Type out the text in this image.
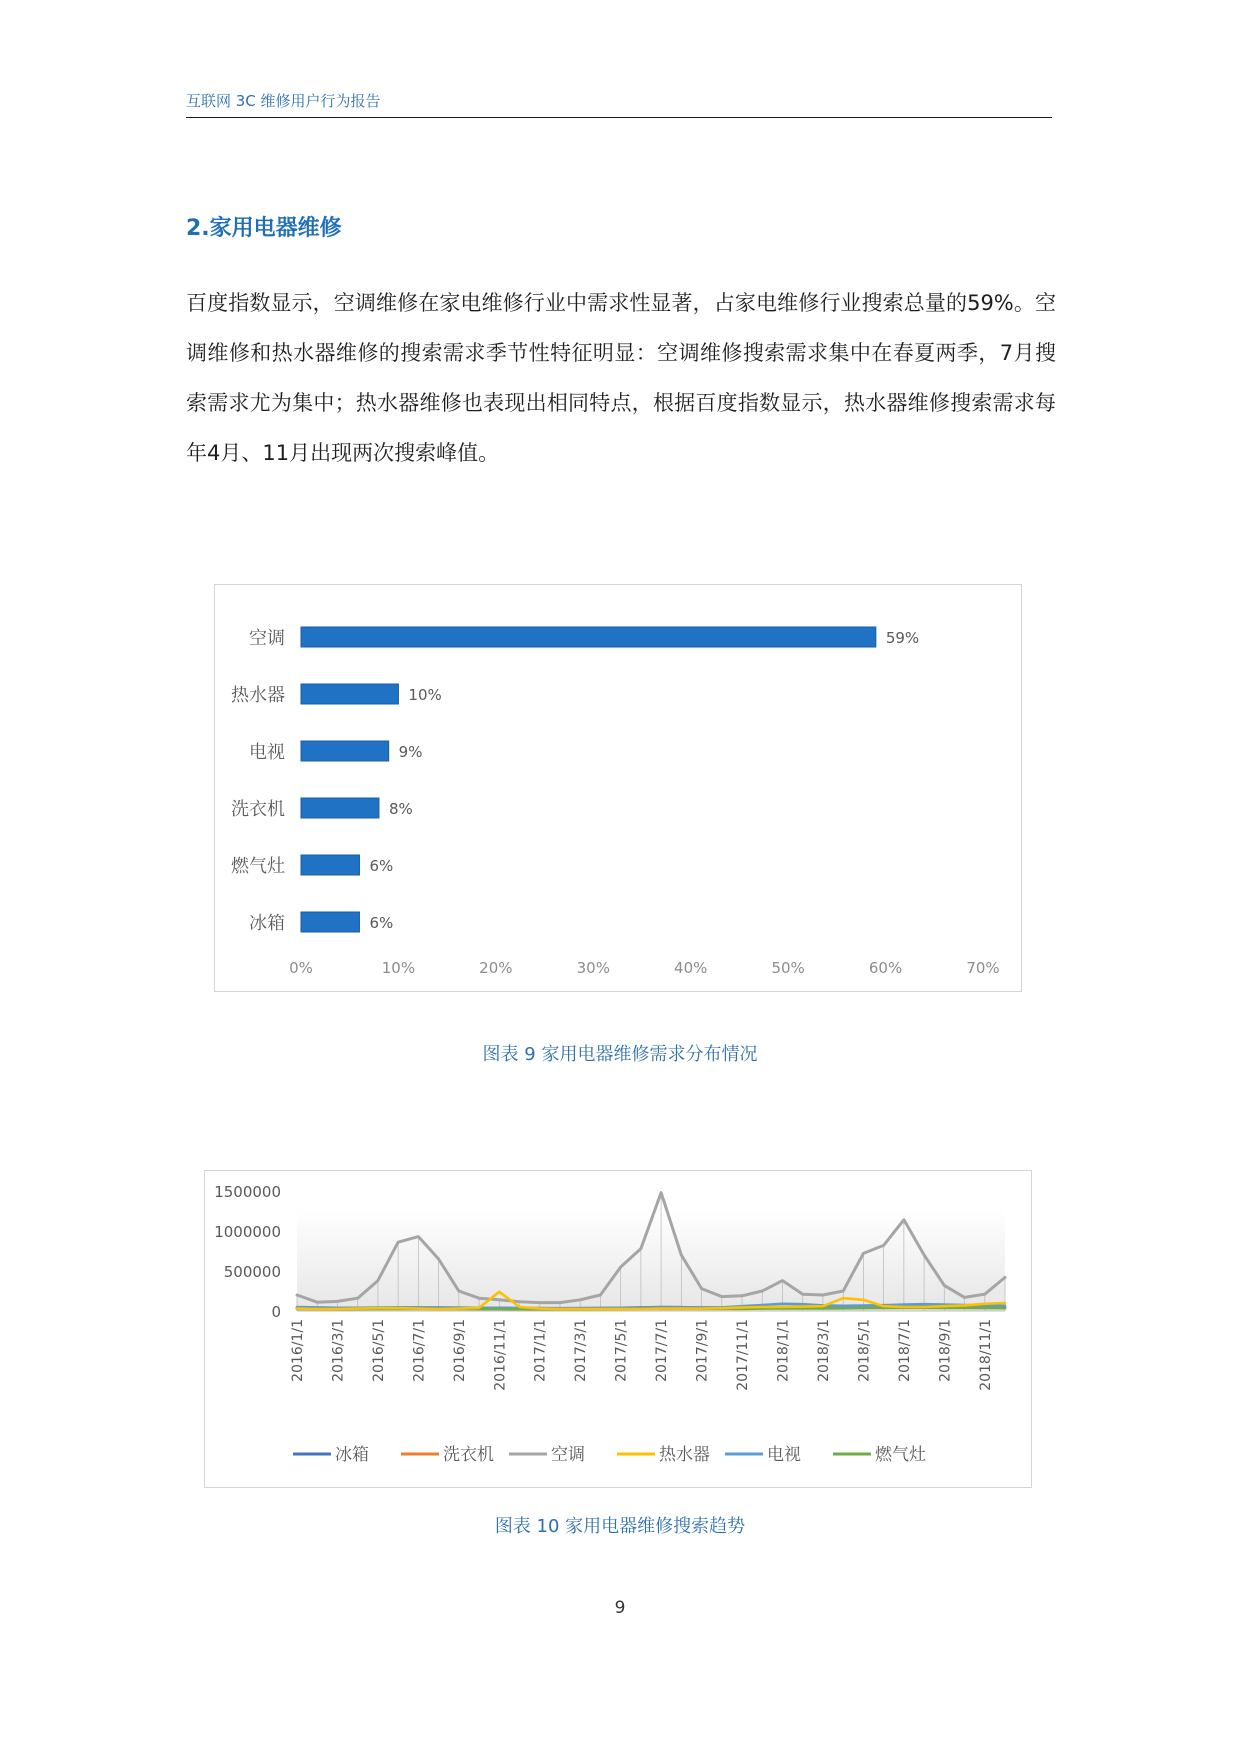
互联网 3C 维修用户行为报告
2.家用电器维修
百度指数显示，空调维修在家电维修行业中需求性显著，占家电维修行业搜索总量的59%。空调维修和热水器维修的搜索需求季节性特征明显：空调维修搜索需求集中在春夏两季，7月搜索需求尤为集中；热水器维修也表现出相同特点，根据百度指数显示，热水器维修搜索需求每年4月、11月出现两次搜索峰值。
空调	59%
热水器	10%
电视	9%
洗衣机	8%
燃气灶	6%
冰箱	6%
0%	10%	20%	30%	40%	50%	60%	70%
图表 9 家用电器维修需求分布情况
0
500000
1000000
1500000
2016/1/1 2016/3/1 2016/5/1 2016/7/1 2016/9/1 2016/11/1 2017/1/1 2017/3/1 2017/5/1 2017/7/1 2017/9/1 2017/11/1 2018/1/1 2018/3/1 2018/5/1 2018/7/1 2018/9/1 2018/11/1
冰箱	洗衣机	空调	热水器	电视	燃气灶
图表 10 家用电器维修搜索趋势
9
